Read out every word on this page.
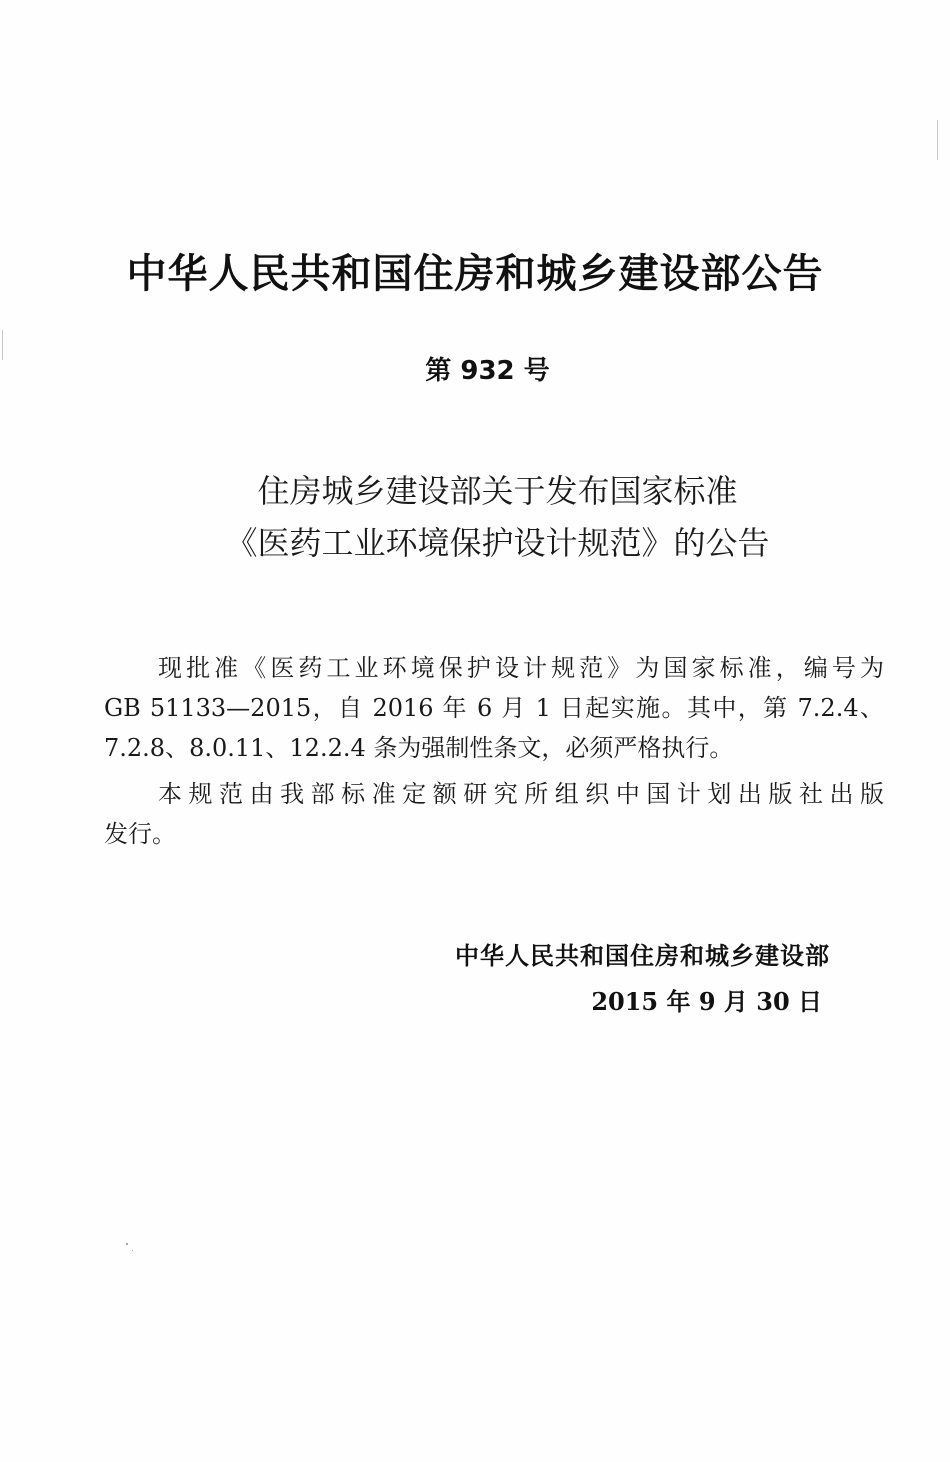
中华人民共和国住房和城乡建设部公告
第 932 号
住房城乡建设部关于发布国家标准
《医药工业环境保护设计规范》的公告
现批准《医药工业环境保护设计规范》为国家标准，编号为
GB 51133—2015，自 2016 年 6 月 1 日起实施。其中，第 7.2.4、
7.2.8、8.0.11、12.2.4 条为强制性条文，必须严格执行。
本规范由我部标准定额研究所组织中国计划出版社出版
发行。
中华人民共和国住房和城乡建设部
2015 年 9 月 30 日
